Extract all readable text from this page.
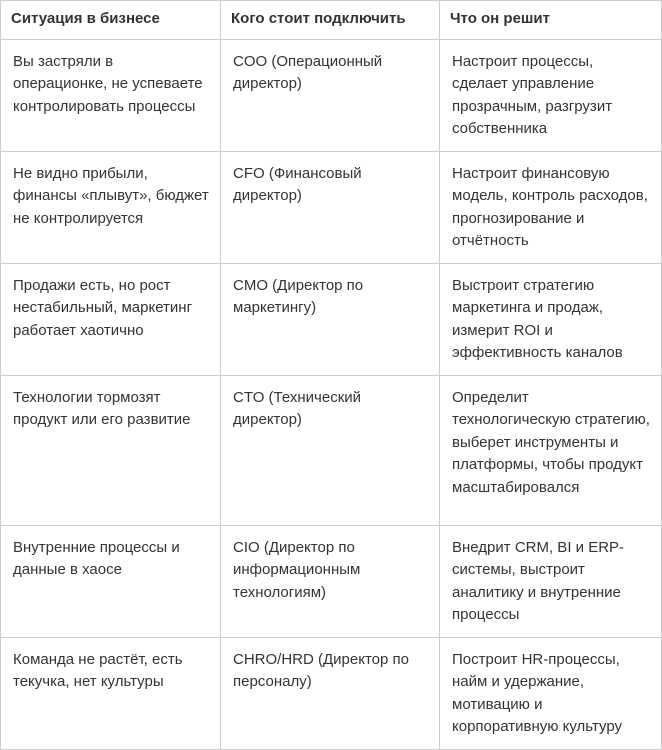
Ситуация в бизнесе	Кого стоит подключить	Что он решит
Вы застряли в операционке, не успеваете контролировать процессы	COO (Операционный директор)	Настроит процессы, сделает управление прозрачным, разгрузит собственника
Не видно прибыли, финансы «плывут», бюджет не контролируется	CFO (Финансовый директор)	Настроит финансовую модель, контроль расходов, прогнозирование и отчётность
Продажи есть, но рост нестабильный, маркетинг работает хаотично	CMO (Директор по маркетингу)	Выстроит стратегию маркетинга и продаж, измерит ROI и эффективность каналов
Технологии тормозят продукт или его развитие	CTO (Технический директор)	Определит технологическую стратегию, выберет инструменты и платформы, чтобы продукт масштабировался
Внутренние процессы и данные в хаосе	CIO (Директор по информационным технологиям)	Внедрит CRM, BI и ERP-системы, выстроит аналитику и внутренние процессы
Команда не растёт, есть текучка, нет культуры	CHRO/HRD (Директор по персоналу)	Построит HR-процессы, найм и удержание, мотивацию и корпоративную культуру
